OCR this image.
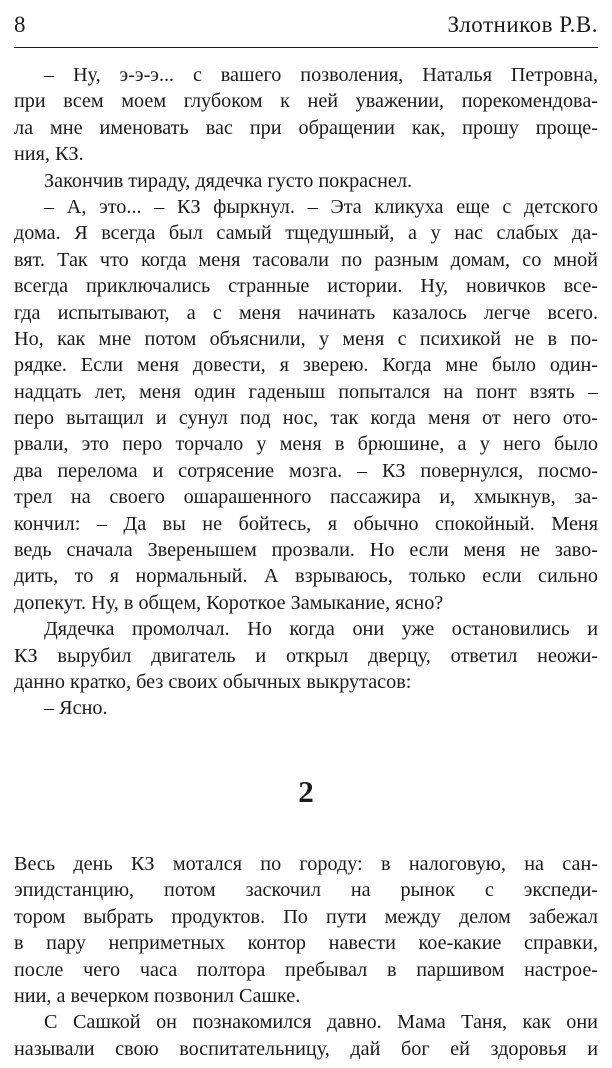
8	Злотников Р.В.
– Ну, э-э-э... с вашего позволения, Наталья Петровна,
при всем моем глубоком к ней уважении, порекомендова-
ла мне именовать вас при обращении как, прошу проще-
ния, КЗ.
Закончив тираду, дядечка густо покраснел.
– А, это... – КЗ фыркнул. – Эта кликуха еще с детского
дома. Я всегда был самый тщедушный, а у нас слабых да-
вят. Так что когда меня тасовали по разным домам, со мной
всегда приключались странные истории. Ну, новичков все-
гда испытывают, а с меня начинать казалось легче всего.
Но, как мне потом объяснили, у меня с психикой не в по-
рядке. Если меня довести, я зверею. Когда мне было один-
надцать лет, меня один гаденыш попытался на понт взять –
перо вытащил и сунул под нос, так когда меня от него ото-
рвали, это перо торчало у меня в брюшине, а у него было
два перелома и сотрясение мозга. – КЗ повернулся, посмо-
трел на своего ошарашенного пассажира и, хмыкнув, за-
кончил: – Да вы не бойтесь, я обычно спокойный. Меня
ведь сначала Зверенышем прозвали. Но если меня не заво-
дить, то я нормальный. А взрываюсь, только если сильно
допекут. Ну, в общем, Короткое Замыкание, ясно?
Дядечка промолчал. Но когда они уже остановились и
КЗ вырубил двигатель и открыл дверцу, ответил неожи-
данно кратко, без своих обычных выкрутасов:
– Ясно.
2
Весь день КЗ мотался по городу: в налоговую, на сан-
эпидстанцию, потом заскочил на рынок с экспеди-
тором выбрать продуктов. По пути между делом забежал
в пару неприметных контор навести кое-какие справки,
после чего часа полтора пребывал в паршивом настрое-
нии, а вечерком позвонил Сашке.
С Сашкой он познакомился давно. Мама Таня, как они
называли свою воспитательницу, дай бог ей здоровья и
